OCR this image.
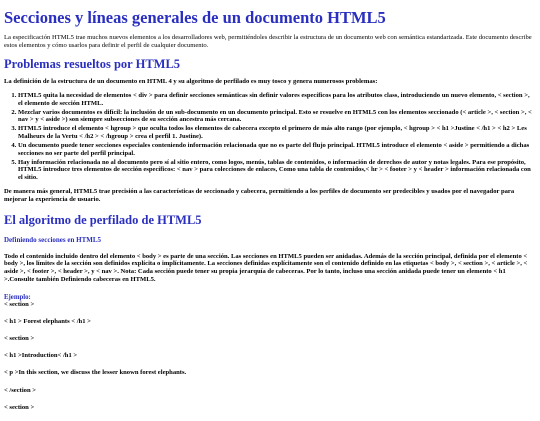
Secciones y líneas generales de un documento HTML5

La especificación HTML5 trae muchos nuevos elementos a los desarrolladores web, permitiéndoles describir la estructura de un documento web con semántica estandarizada. Este documento describe estos elementos y cómo usarlos para definir el perfil de cualquier documento.

Problemas resueltos por HTML5

La definición de la estructura de un documento en HTML 4 y su algoritmo de perfilado es muy tosco y genera numerosos problemas:

1. HTML5 quita la necesidad de elementos < div > para definir secciones semánticas sin definir valores específicos para los atributos class, introduciendo un nuevo elemento, < section >, el elemento de sección HTML.
2. Mezclar varios documentos es difícil: la inclusión de un sub-documento en un documento principal. Esto se resuelve en HTML5 con los elementos seccionado (< article >, < section >, < nav > y < aside >) son siempre subsecciones de su sección ancestra más cercana.
3. HTML5 introduce el elemento < hgroup > que oculta todos los elementos de cabecera excepto el primero de más alto rango (por ejemplo, < hgroup > < h1 >Justine < /h1 > < h2 > Les Malheurs de la Vertu < /h2 > < /hgroup > crea el perfil 1. Justine).
4. Un documento puede tener secciones especiales conteniendo información relacionada que no es parte del flujo principal. HTML5 introduce el elemento < aside > permitiendo a dichas secciones no ser parte del perfil principal.
5. Hay información relacionada no al documento pero sí al sitio entero, como logos, menús, tablas de contenidos, o información de derechos de autor y notas legales. Para ese propósito, HTML5 introduce tres elementos de sección específicos: < nav > para colecciones de enlaces, Como una tabla de contenidos,< hr > < footer > y < header > información relacionada con el sitio.

De manera más general, HTML5 trae precisión a las características de seccionado y cabecera, permitiendo a los perfiles de documento ser predecibles y usados por el navegador para mejorar la experiencia de usuario.

El algoritmo de perfilado de HTML5
Definiendo secciones en HTML5

Todo el contenido incluido dentro del elemento < body > es parte de una sección. Las secciones en HTML5 pueden ser anidadas. Además de la sección principal, definida por el elemento < body >, los límites de la sección son definidos explícita o implícitamente. La secciones definidas explícitamente son el contenido definido en las etiquetas < body >, < section >, < article >, < aside >, < footer >, < header >, y < nav >. Nota: Cada sección puede tener su propia jerarquía de cabeceras. Por lo tanto, incluso una sección anidada puede tener un elemento < h1 >.Consulte también Definiendo cabeceras en HTML5.

Ejemplo:

< section >

< h1 > Forest elephants < /h1 >

< section >

< h1 >Introduction< /h1 >

< p >In this section, we discuss the lesser known forest elephants.

< /section >

< section >
